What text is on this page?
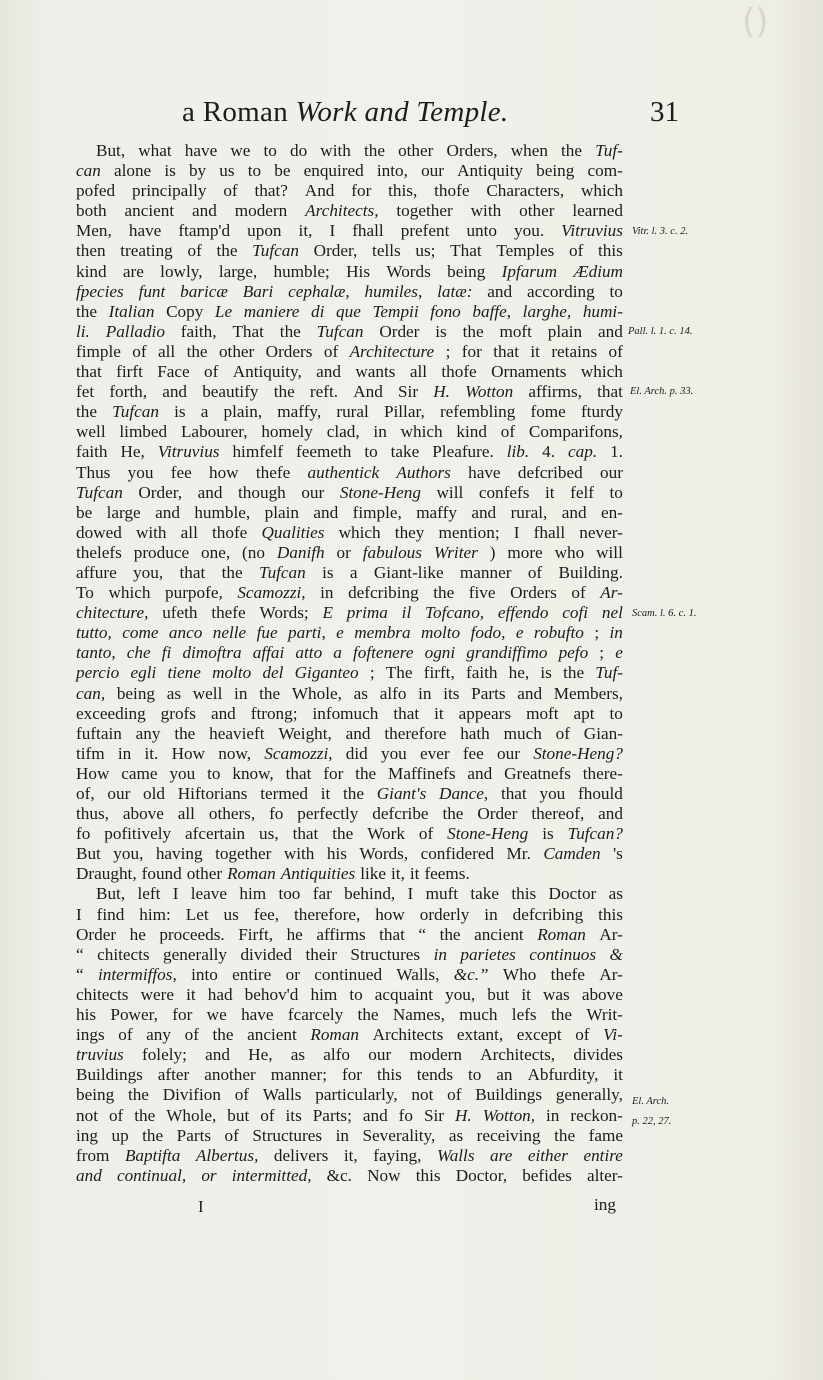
()
a Roman Work and Temple.	31
But, what have we to do with the other Orders, when the Tuf-
can alone is by us to be enquired into, our Antiquity being com-
pofed principally of that? And for this, thofe Characters, which
both ancient and modern Architects, together with other learned
Men, have ftamp'd upon it, I fhall prefent unto you. Vitruvius
then treating of the Tufcan Order, tells us; That Temples of this
kind are lowly, large, humble; His Words being Ipfarum Ædium
fpecies funt baricæ Bari cephalæ, humiles, latæ: and according to
the Italian Copy Le maniere di que Tempii fono baffe, larghe, humi-
li. Palladio faith, That the Tufcan Order is the moft plain and
fimple of all the other Orders of Architecture ; for that it retains of
that firft Face of Antiquity, and wants all thofe Ornaments which
fet forth, and beautify the reft. And Sir H. Wotton affirms, that
the Tufcan is a plain, maffy, rural Pillar, refembling fome fturdy
well limbed Labourer, homely clad, in which kind of Comparifons,
faith He, Vitruvius himfelf feemeth to take Pleafure. lib. 4. cap. 1.
Thus you fee how thefe authentick Authors have defcribed our
Tufcan Order, and though our Stone-Heng will confefs it felf to
be large and humble, plain and fimple, maffy and rural, and en-
dowed with all thofe Qualities which they mention; I fhall never-
thelefs produce one, (no Danifh or fabulous Writer ) more who will
affure you, that the Tufcan is a Giant-like manner of Building.
To which purpofe, Scamozzi, in defcribing the five Orders of Ar-
chitecture, ufeth thefe Words; E prima il Tofcano, effendo cofi nel
tutto, come anco nelle fue parti, e membra molto fodo, e robufto ; in
tanto, che fi dimoftra affai atto a foftenere ogni grandiffimo pefo ; e
percio egli tiene molto del Giganteo ; The firft, faith he, is the Tuf-
can, being as well in the Whole, as alfo in its Parts and Members,
exceeding grofs and ftrong; infomuch that it appears moft apt to
fuftain any the heavieft Weight, and therefore hath much of Gian-
tifm in it. How now, Scamozzi, did you ever fee our Stone-Heng?
How came you to know, that for the Maffinefs and Greatnefs there-
of, our old Hiftorians termed it the Giant's Dance, that you fhould
thus, above all others, fo perfectly defcribe the Order thereof, and
fo pofitively afcertain us, that the Work of Stone-Heng is Tufcan?
But you, having together with his Words, confidered Mr. Camden 's
Draught, found other Roman Antiquities like it, it feems.
But, left I leave him too far behind, I muft take this Doctor as
I find him: Let us fee, therefore, how orderly in defcribing this
Order he proceeds. Firft, he affirms that “ the ancient Roman Ar-
“ chitects generally divided their Structures in parietes continuos &
“ intermiffos, into entire or continued Walls, &c.” Who thefe Ar-
chitects were it had behov'd him to acquaint you, but it was above
his Power, for we have fcarcely the Names, much lefs the Writ-
ings of any of the ancient Roman Architects extant, except of Vi-
truvius folely; and He, as alfo our modern Architects, divides
Buildings after another manner; for this tends to an Abfurdity, it
being the Divifion of Walls particularly, not of Buildings generally,
not of the Whole, but of its Parts; and fo Sir H. Wotton, in reckon-
ing up the Parts of Structures in Severality, as receiving the fame
from Baptifta Albertus, delivers it, faying, Walls are either entire
and continual, or intermitted, &c. Now this Doctor, befides alter-
Vitr. l. 3. c. 2.
Pall. l. 1. c. 14.
El. Arch. p. 33.
Scam. l. 6. c. 1.
El. Arch.
p. 22, 27.
I	ing
